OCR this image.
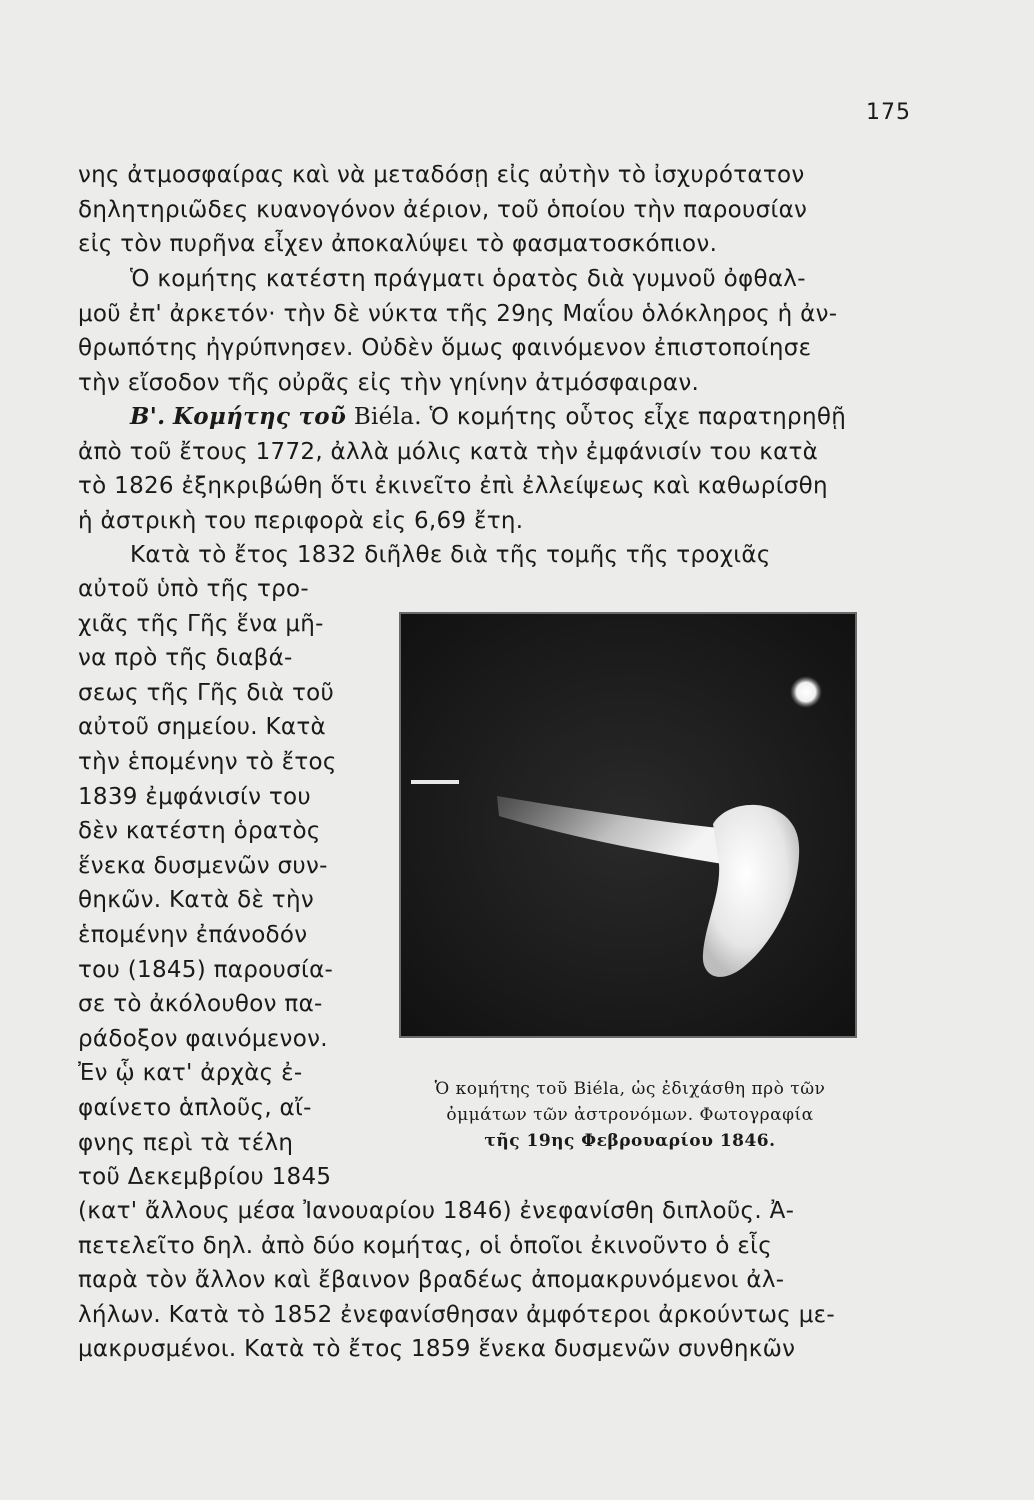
175
νης ἀτμοσφαίρας καὶ νὰ μεταδόσῃ εἰς αὐτὴν τὸ ἰσχυρότατον
δηλητηριῶδες κυανογόνον ἀέριον, τοῦ ὁποίου τὴν παρουσίαν
εἰς τὸν πυρῆνα εἶχεν ἀποκαλύψει τὸ φασματοσκόπιον.
Ὁ κομήτης κατέστη πράγματι ὁρατὸς διὰ γυμνοῦ ὀφθαλ-
μοῦ ἐπ' ἀρκετόν· τὴν δὲ νύκτα τῆς 29ης Μαΐου ὁλόκληρος ἡ ἀν-
θρωπότης ἠγρύπνησεν. Οὐδὲν ὅμως φαινόμενον ἐπιστοποίησε
τὴν εἴσοδον τῆς οὐρᾶς εἰς τὴν γηίνην ἀτμόσφαιραν.
Β'. Κομήτης τοῦ Biéla. Ὁ κομήτης οὗτος εἶχε παρατηρηθῇ
ἀπὸ τοῦ ἔτους 1772, ἀλλὰ μόλις κατὰ τὴν ἐμφάνισίν του κατὰ
τὸ 1826 ἐξηκριβώθη ὅτι ἐκινεῖτο ἐπὶ ἐλλείψεως καὶ καθωρίσθη
ἡ ἀστρικὴ του περιφορὰ εἰς 6,69 ἔτη.
Κατὰ τὸ ἔτος 1832 διῆλθε διὰ τῆς τομῆς τῆς τροχιᾶς
αὐτοῦ ὑπὸ τῆς τρο-
χιᾶς τῆς Γῆς ἕνα μῆ-
να πρὸ τῆς διαβά-
σεως τῆς Γῆς διὰ τοῦ
αὐτοῦ σημείου. Κατὰ
τὴν ἑπομένην τὸ ἔτος
1839 ἐμφάνισίν του
δὲν κατέστη ὁρατὸς
ἕνεκα δυσμενῶν συν-
θηκῶν. Κατὰ δὲ τὴν
ἑπομένην ἐπάνοδόν
του (1845) παρουσία-
σε τὸ ἀκόλουθον πα-
ράδοξον φαινόμενον.
Ἐν ᾧ κατ' ἀρχὰς ἐ-
φαίνετο ἁπλοῦς, αἴ-
φνης περὶ τὰ τέλη
τοῦ Δεκεμβρίου 1845
Ὁ κομήτης τοῦ Biéla, ὡς ἐδιχάσθη πρὸ τῶν
ὀμμάτων τῶν ἀστρονόμων. Φωτογραφία
τῆς 19ης Φεβρουαρίου 1846.
(κατ' ἄλλους μέσα Ἰανουαρίου 1846) ἐνεφανίσθη διπλοῦς. Ἀ-
πετελεῖτο δηλ. ἀπὸ δύο κομήτας, οἱ ὁποῖοι ἐκινοῦντο ὁ εἷς
παρὰ τὸν ἄλλον καὶ ἔβαινον βραδέως ἀπομακρυνόμενοι ἀλ-
λήλων. Κατὰ τὸ 1852 ἐνεφανίσθησαν ἀμφότεροι ἀρκούντως με-
μακρυσμένοι. Κατὰ τὸ ἔτος 1859 ἕνεκα δυσμενῶν συνθηκῶν
